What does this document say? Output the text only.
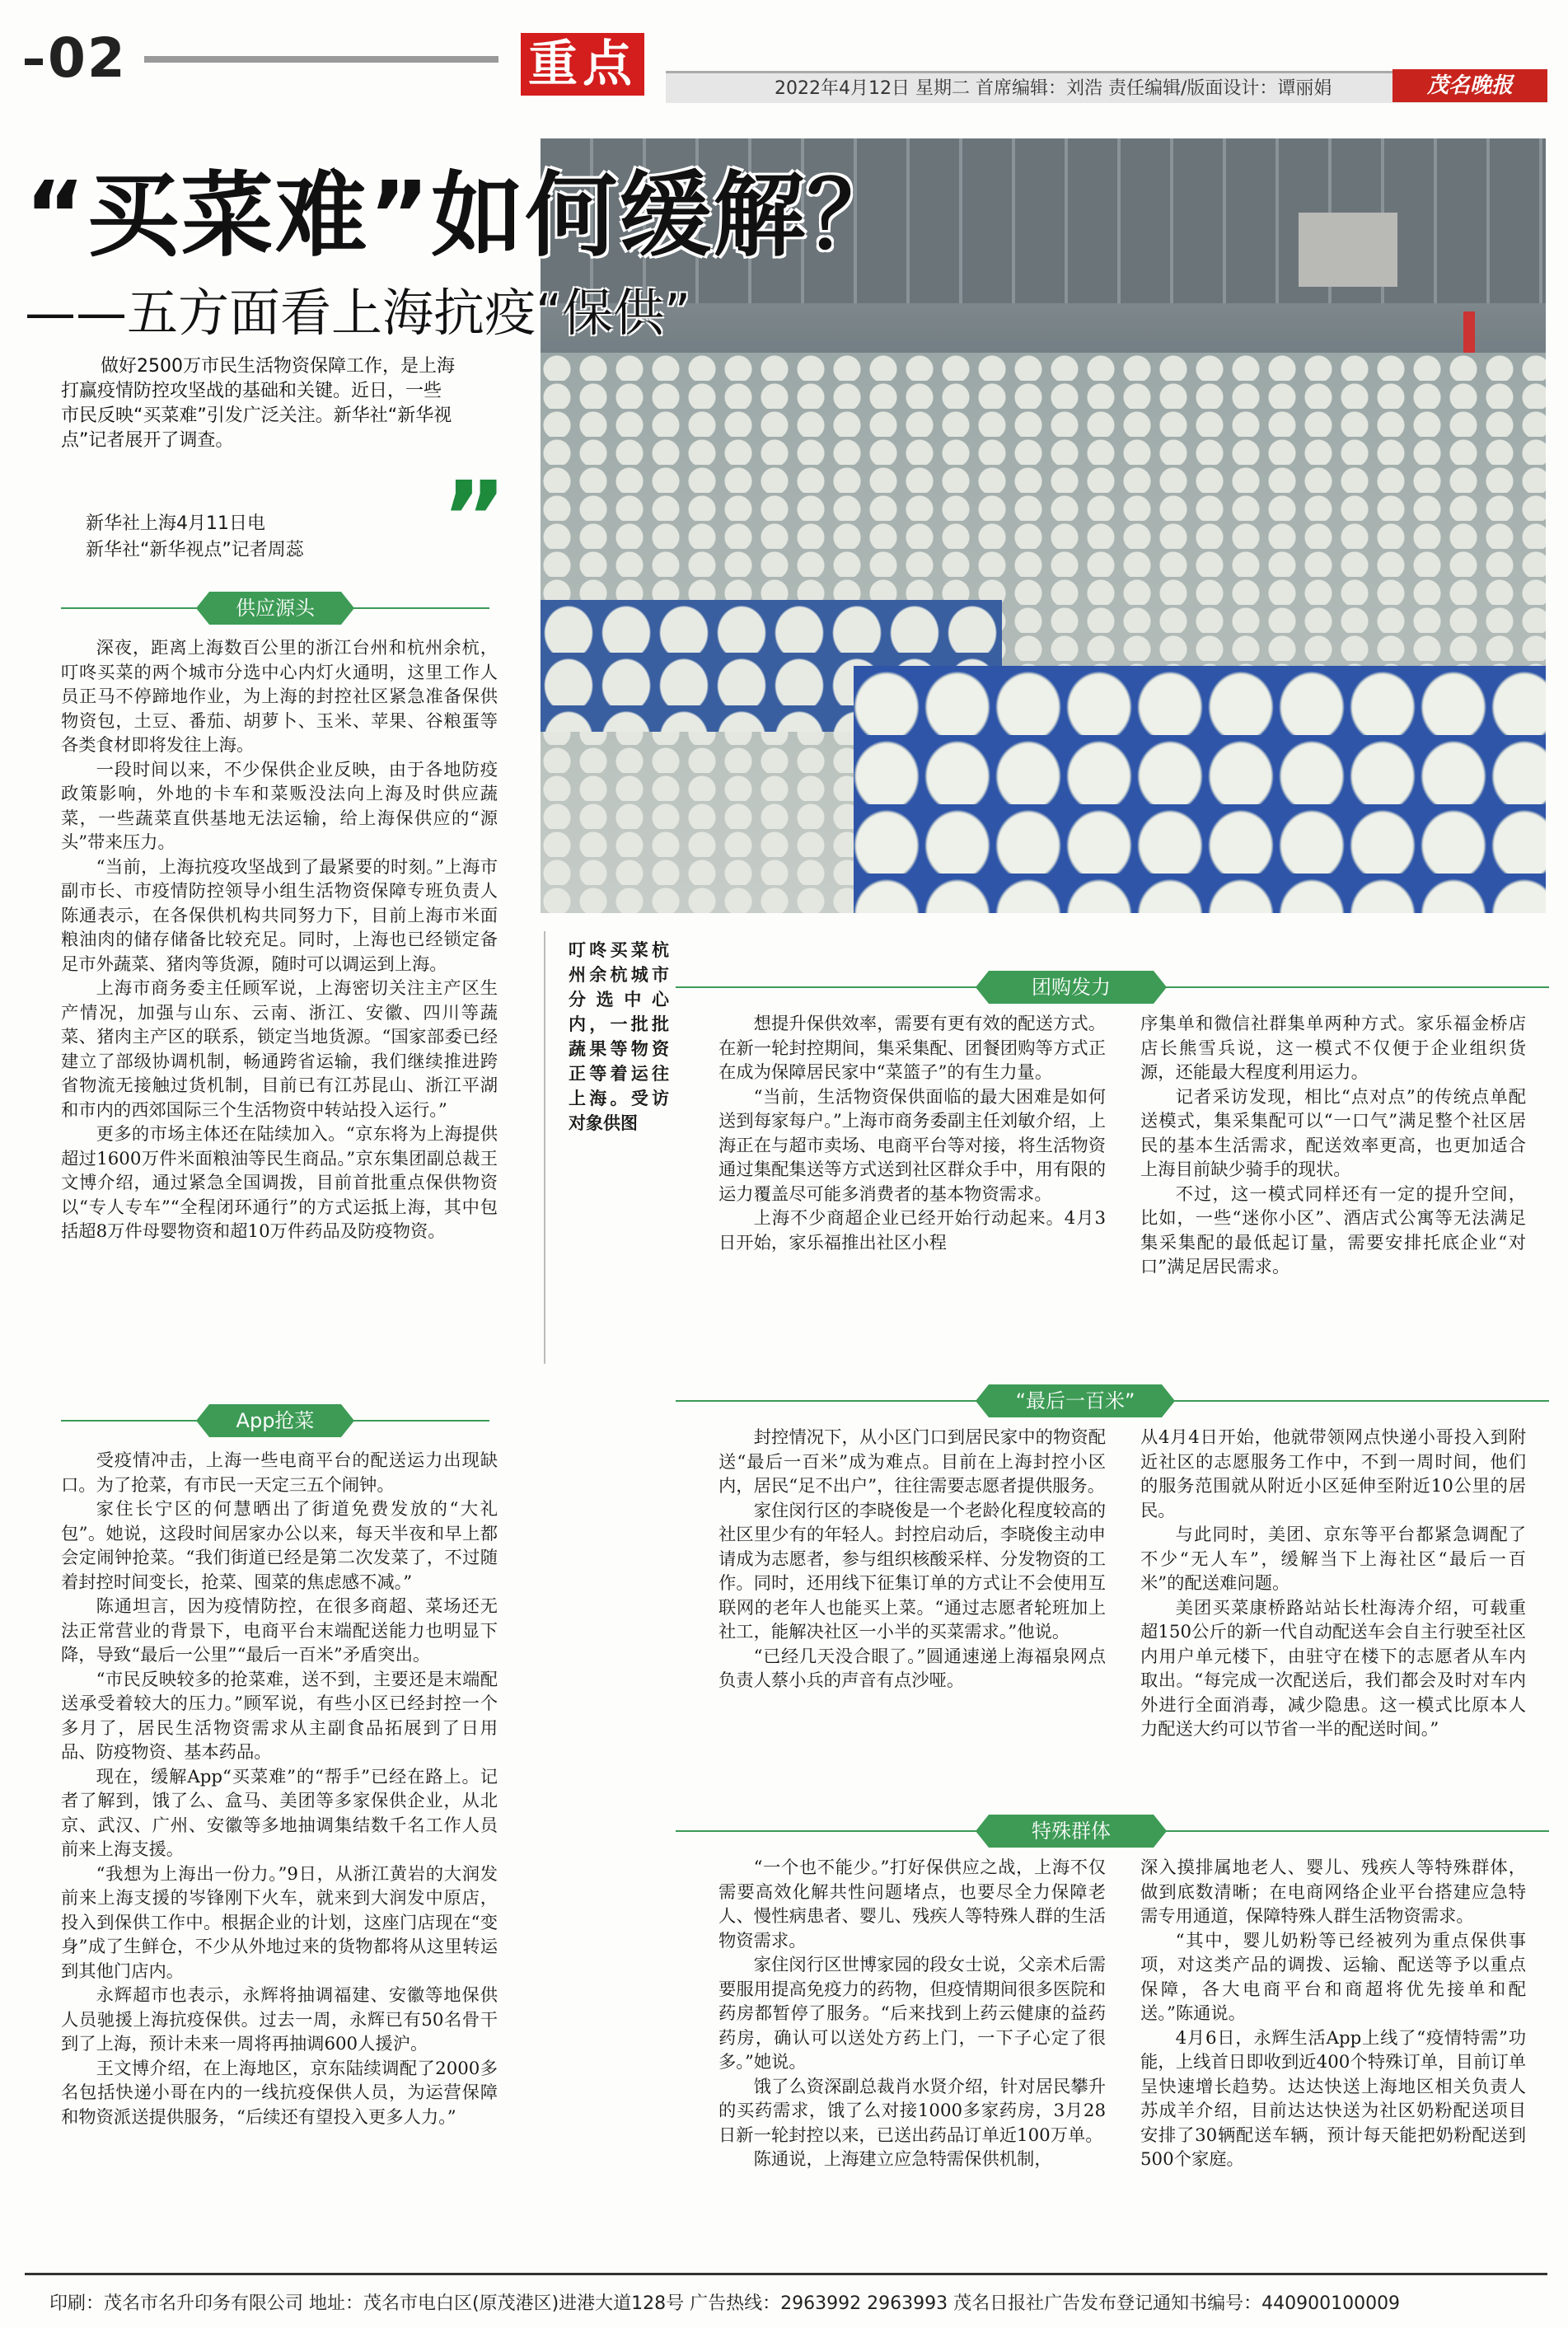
02	重点	2022年4月12日 星期二 首席编辑：刘浩 责任编辑/版面设计：谭丽娟	茂名晚报
“买菜难”如何缓解？
——五方面看上海抗疫“保供”
做好2500万市民生活物资保障工作，是上海打赢疫情防控攻坚战的基础和关键。近日，一些市民反映“买菜难”引发广泛关注。新华社“新华视点”记者展开了调查。
”
新华社上海4月11日电
新华社“新华视点”记者周蕊
供应源头

深夜，距离上海数百公里的浙江台州和杭州余杭，叮咚买菜的两个城市分选中心内灯火通明，这里工作人员正马不停蹄地作业，为上海的封控社区紧急准备保供物资包，土豆、番茄、胡萝卜、玉米、苹果、谷粮蛋等各类食材即将发往上海。

一段时间以来，不少保供企业反映，由于各地防疫政策影响，外地的卡车和菜贩没法向上海及时供应蔬菜，一些蔬菜直供基地无法运输，给上海保供应的“源头”带来压力。

“当前，上海抗疫攻坚战到了最紧要的时刻。”上海市副市长、市疫情防控领导小组生活物资保障专班负责人陈通表示，在各保供机构共同努力下，目前上海市米面粮油肉的储存储备比较充足。同时，上海也已经锁定备足市外蔬菜、猪肉等货源，随时可以调运到上海。

上海市商务委主任顾军说，上海密切关注主产区生产情况，加强与山东、云南、浙江、安徽、四川等蔬菜、猪肉主产区的联系，锁定当地货源。“国家部委已经建立了部级协调机制，畅通跨省运输，我们继续推进跨省物流无接触过货机制，目前已有江苏昆山、浙江平湖和市内的西郊国际三个生活物资中转站投入运行。”

更多的市场主体还在陆续加入。“京东将为上海提供超过1600万件米面粮油等民生商品。”京东集团副总裁王文博介绍，通过紧急全国调拨，目前首批重点保供物资以“专人专车”“全程闭环通行”的方式运抵上海，其中包括超8万件母婴物资和超10万件药品及防疫物资。

App抢菜

受疫情冲击，上海一些电商平台的配送运力出现缺口。为了抢菜，有市民一天定三五个闹钟。

家住长宁区的何慧晒出了街道免费发放的“大礼包”。她说，这段时间居家办公以来，每天半夜和早上都会定闹钟抢菜。“我们街道已经是第二次发菜了，不过随着封控时间变长，抢菜、囤菜的焦虑感不减。”

陈通坦言，因为疫情防控，在很多商超、菜场还无法正常营业的背景下，电商平台末端配送能力也明显下降，导致“最后一公里”“最后一百米”矛盾突出。

“市民反映较多的抢菜难，送不到，主要还是末端配送承受着较大的压力。”顾军说，有些小区已经封控一个多月了，居民生活物资需求从主副食品拓展到了日用品、防疫物资、基本药品。

现在，缓解App“买菜难”的“帮手”已经在路上。记者了解到，饿了么、盒马、美团等多家保供企业，从北京、武汉、广州、安徽等多地抽调集结数千名工作人员前来上海支援。

“我想为上海出一份力。”9日，从浙江黄岩的大润发前来上海支援的岑锋刚下火车，就来到大润发中原店，投入到保供工作中。根据企业的计划，这座门店现在“变身”成了生鲜仓，不少从外地过来的货物都将从这里转运到其他门店内。

永辉超市也表示，永辉将抽调福建、安徽等地保供人员驰援上海抗疫保供。过去一周，永辉已有50名骨干到了上海，预计未来一周将再抽调600人援沪。

王文博介绍，在上海地区，京东陆续调配了2000多名包括快递小哥在内的一线抗疫保供人员，为运营保障和物资派送提供服务，“后续还有望投入更多人力。”

叮咚买菜杭州余杭城市分选中心内，一批批蔬果等物资正等着运往上海。受访对象供图
团购发力

想提升保供效率，需要有更有效的配送方式。在新一轮封控期间，集采集配、团餐团购等方式正在成为保障居民家中“菜篮子”的有生力量。

“当前，生活物资保供面临的最大困难是如何送到每家每户。”上海市商务委副主任刘敏介绍，上海正在与超市卖场、电商平台等对接，将生活物资通过集配集送等方式送到社区群众手中，用有限的运力覆盖尽可能多消费者的基本物资需求。

上海不少商超企业已经开始行动起来。4月3日开始，家乐福推出社区小程

序集单和微信社群集单两种方式。家乐福金桥店店长熊雪兵说，这一模式不仅便于企业组织货源，还能最大程度利用运力。

记者采访发现，相比“点对点”的传统点单配送模式，集采集配可以“一口气”满足整个社区居民的基本生活需求，配送效率更高，也更加适合上海目前缺少骑手的现状。

不过，这一模式同样还有一定的提升空间，比如，一些“迷你小区”、酒店式公寓等无法满足集采集配的最低起订量，需要安排托底企业“对口”满足居民需求。

“最后一百米”

封控情况下，从小区门口到居民家中的物资配送“最后一百米”成为难点。目前在上海封控小区内，居民“足不出户”，往往需要志愿者提供服务。

家住闵行区的李晓俊是一个老龄化程度较高的社区里少有的年轻人。封控启动后，李晓俊主动申请成为志愿者，参与组织核酸采样、分发物资的工作。同时，还用线下征集订单的方式让不会使用互联网的老年人也能买上菜。“通过志愿者轮班加上社工，能解决社区一小半的买菜需求。”他说。

“已经几天没合眼了。”圆通速递上海福泉网点负责人蔡小兵的声音有点沙哑。

从4月4日开始，他就带领网点快递小哥投入到附近社区的志愿服务工作中，不到一周时间，他们的服务范围就从附近小区延伸至附近10公里的居民。

与此同时，美团、京东等平台都紧急调配了不少“无人车”，缓解当下上海社区“最后一百米”的配送难问题。

美团买菜康桥路站站长杜海涛介绍，可载重超150公斤的新一代自动配送车会自主行驶至社区内用户单元楼下，由驻守在楼下的志愿者从车内取出。“每完成一次配送后，我们都会及时对车内外进行全面消毒，减少隐患。这一模式比原本人力配送大约可以节省一半的配送时间。”

特殊群体

“一个也不能少。”打好保供应之战，上海不仅需要高效化解共性问题堵点，也要尽全力保障老人、慢性病患者、婴儿、残疾人等特殊人群的生活物资需求。

家住闵行区世博家园的段女士说，父亲术后需要服用提高免疫力的药物，但疫情期间很多医院和药房都暂停了服务。“后来找到上药云健康的益药药房，确认可以送处方药上门，一下子心定了很多。”她说。

饿了么资深副总裁肖水贤介绍，针对居民攀升的买药需求，饿了么对接1000多家药房，3月28日新一轮封控以来，已送出药品订单近100万单。

陈通说，上海建立应急特需保供机制，

深入摸排属地老人、婴儿、残疾人等特殊群体，做到底数清晰；在电商网络企业平台搭建应急特需专用通道，保障特殊人群生活物资需求。

“其中，婴儿奶粉等已经被列为重点保供事项，对这类产品的调拨、运输、配送等予以重点保障，各大电商平台和商超将优先接单和配送。”陈通说。

4月6日，永辉生活App上线了“疫情特需”功能，上线首日即收到近400个特殊订单，目前订单呈快速增长趋势。达达快送上海地区相关负责人苏成羊介绍，目前达达快送为社区奶粉配送项目安排了30辆配送车辆，预计每天能把奶粉配送到500个家庭。

印刷：茂名市名升印务有限公司 地址：茂名市电白区(原茂港区)进港大道128号 广告热线：2963992 2963993 茂名日报社广告发布登记通知书编号：440900100009
